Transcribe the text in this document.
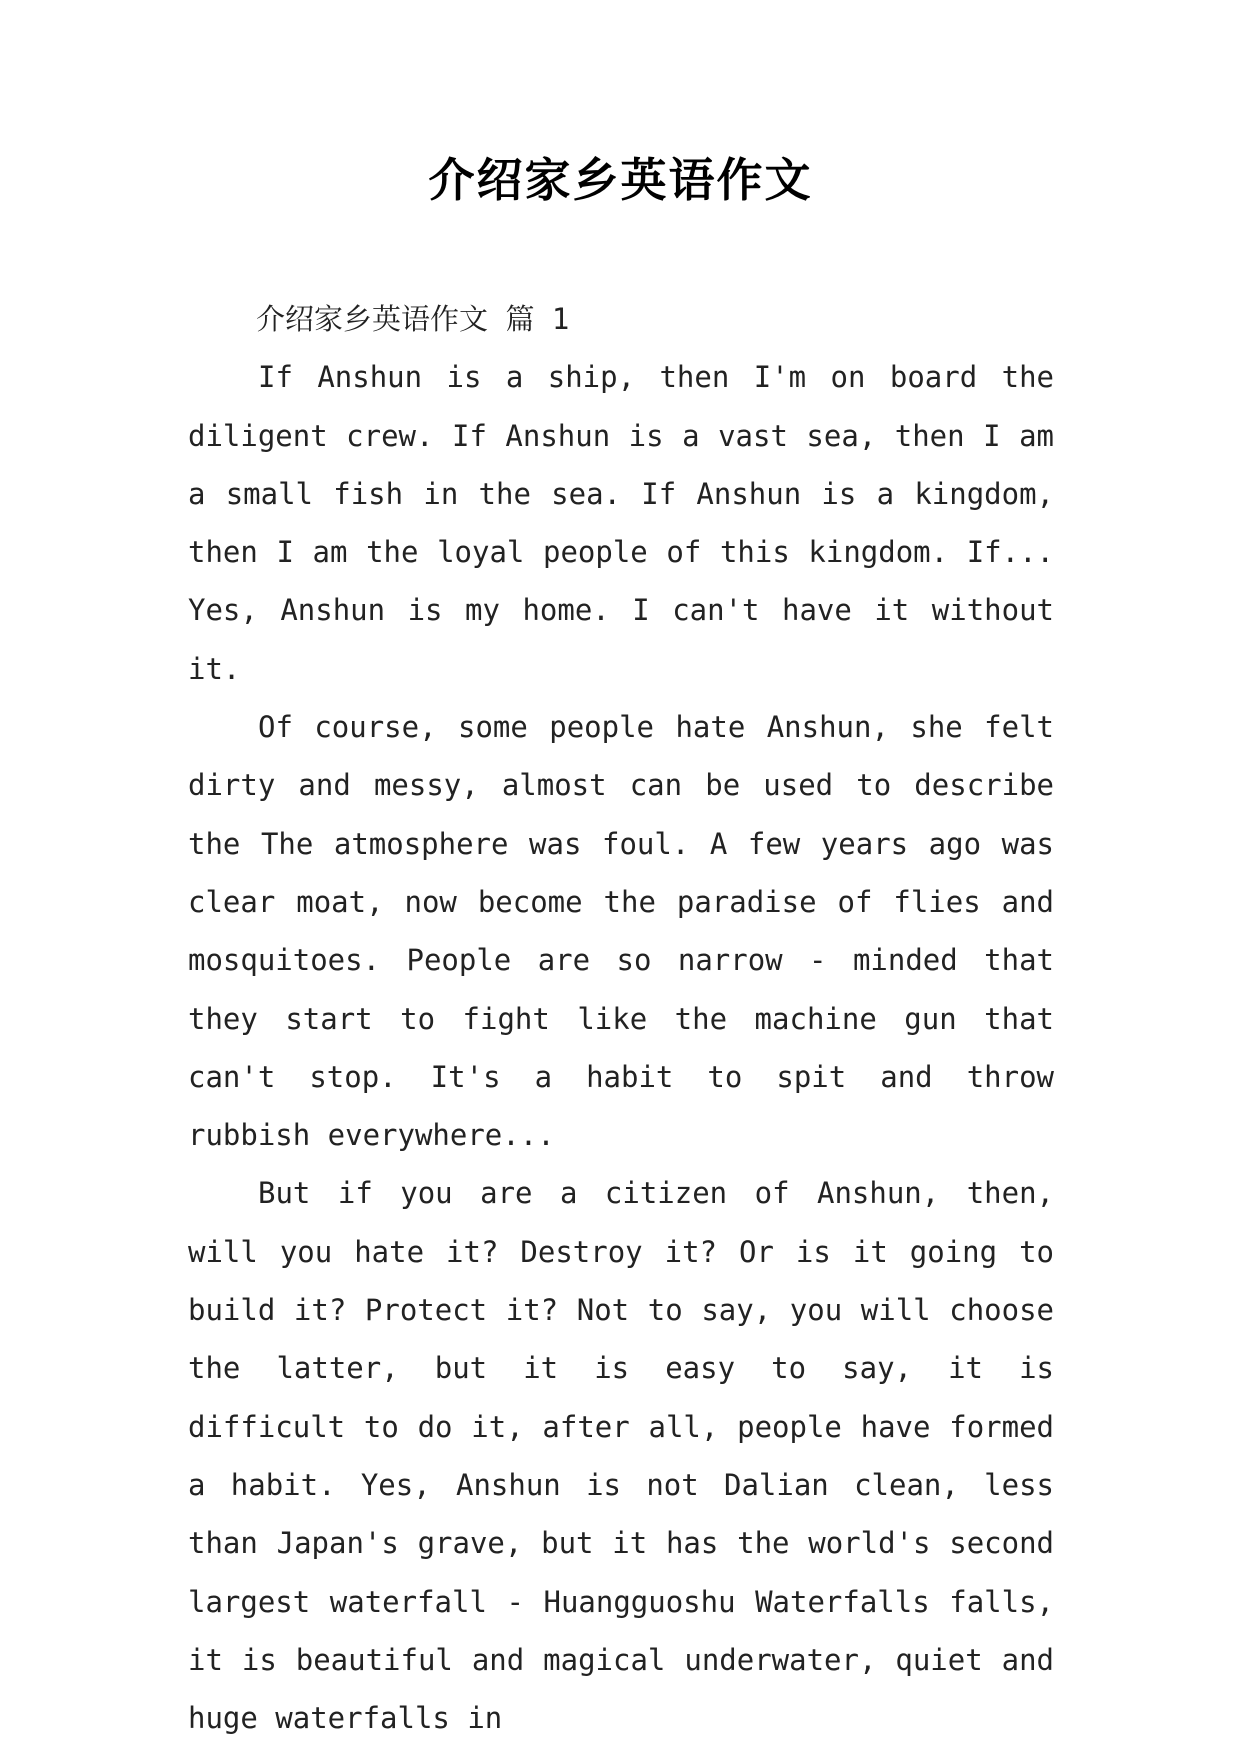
介绍家乡英语作文

介绍家乡英语作文 篇 1

If Anshun is a ship, then I'm on board the diligent crew. If Anshun is a vast sea, then I am a small fish in the sea. If Anshun is a kingdom, then I am the loyal people of this kingdom. If... Yes, Anshun is my home. I can't have it without it.

Of course, some people hate Anshun, she felt dirty and messy, almost can be used to describe the The atmosphere was foul. A few years ago was clear moat, now become the paradise of flies and mosquitoes. People are so narrow - minded that they start to fight like the machine gun that can't stop. It's a habit to spit and throw rubbish everywhere...

But if you are a citizen of Anshun, then, will you hate it? Destroy it? Or is it going to build it? Protect it? Not to say, you will choose the latter, but it is easy to say, it is difficult to do it, after all, people have formed a habit. Yes, Anshun is not Dalian clean, less than Japan's grave, but it has the world's second largest waterfall - Huangguoshu Waterfalls falls, it is beautiful and magical underwater, quiet and huge waterfalls in
